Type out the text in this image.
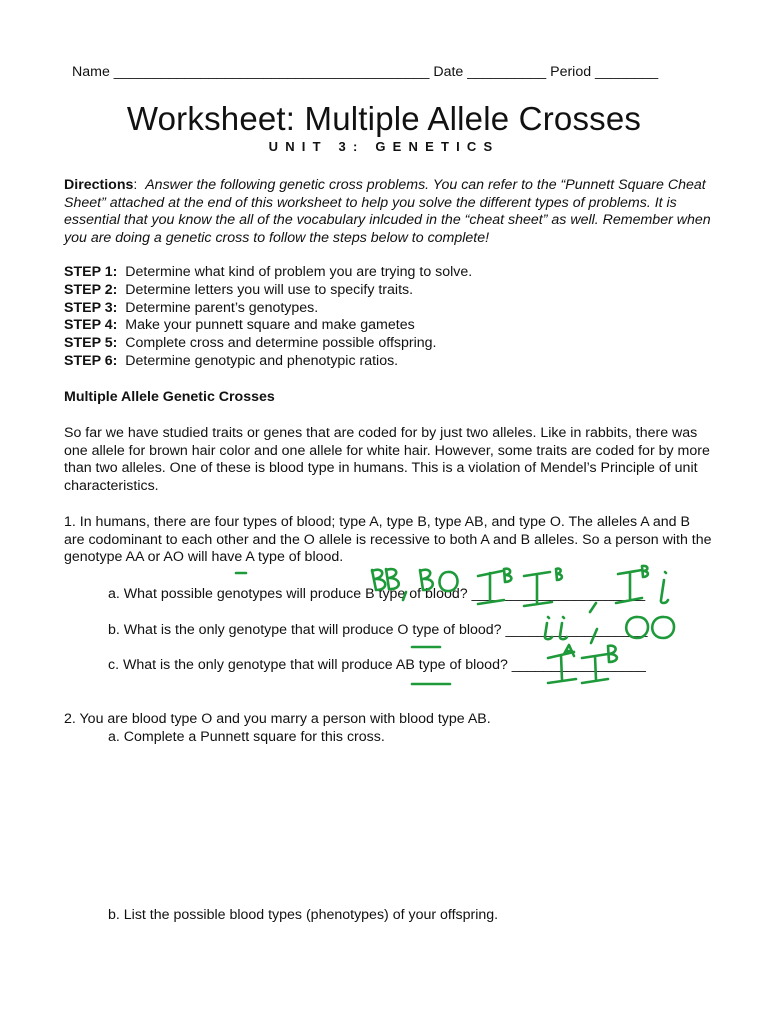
Name ________________________________________ Date __________ Period ________
Worksheet: Multiple Allele Crosses
UNIT 3: GENETICS
Directions:  Answer the following genetic cross problems. You can refer to the “Punnett Square Cheat Sheet” attached at the end of this worksheet to help you solve the different types of problems. It is essential that you know the all of the vocabulary inlcuded in the “cheat sheet” as well. Remember when you are doing a genetic cross to follow the steps below to complete!
STEP 1: Determine what kind of problem you are trying to solve.
STEP 2: Determine letters you will use to specify traits.
STEP 3: Determine parent’s genotypes.
STEP 4: Make your punnett square and make gametes
STEP 5: Complete cross and determine possible offspring.
STEP 6: Determine genotypic and phenotypic ratios.
Multiple Allele Genetic Crosses
So far we have studied traits or genes that are coded for by just two alleles. Like in rabbits, there was one allele for brown hair color and one allele for white hair. However, some traits are coded for by more than two alleles. One of these is blood type in humans. This is a violation of Mendel’s Principle of unit characteristics.
1. In humans, there are four types of blood; type A, type B, type AB, and type O. The alleles A and B are codominant to each other and the O allele is recessive to both A and B alleles. So a person with the genotype AA or AO will have A type of blood.
a. What possible genotypes will produce B type of blood? ______________________
b. What is the only genotype that will produce O type of blood? __________________
c. What is the only genotype that will produce AB type of blood? _________________
2. You are blood type O and you marry a person with blood type AB.
a. Complete a Punnett square for this cross.
b. List the possible blood types (phenotypes) of your offspring.
